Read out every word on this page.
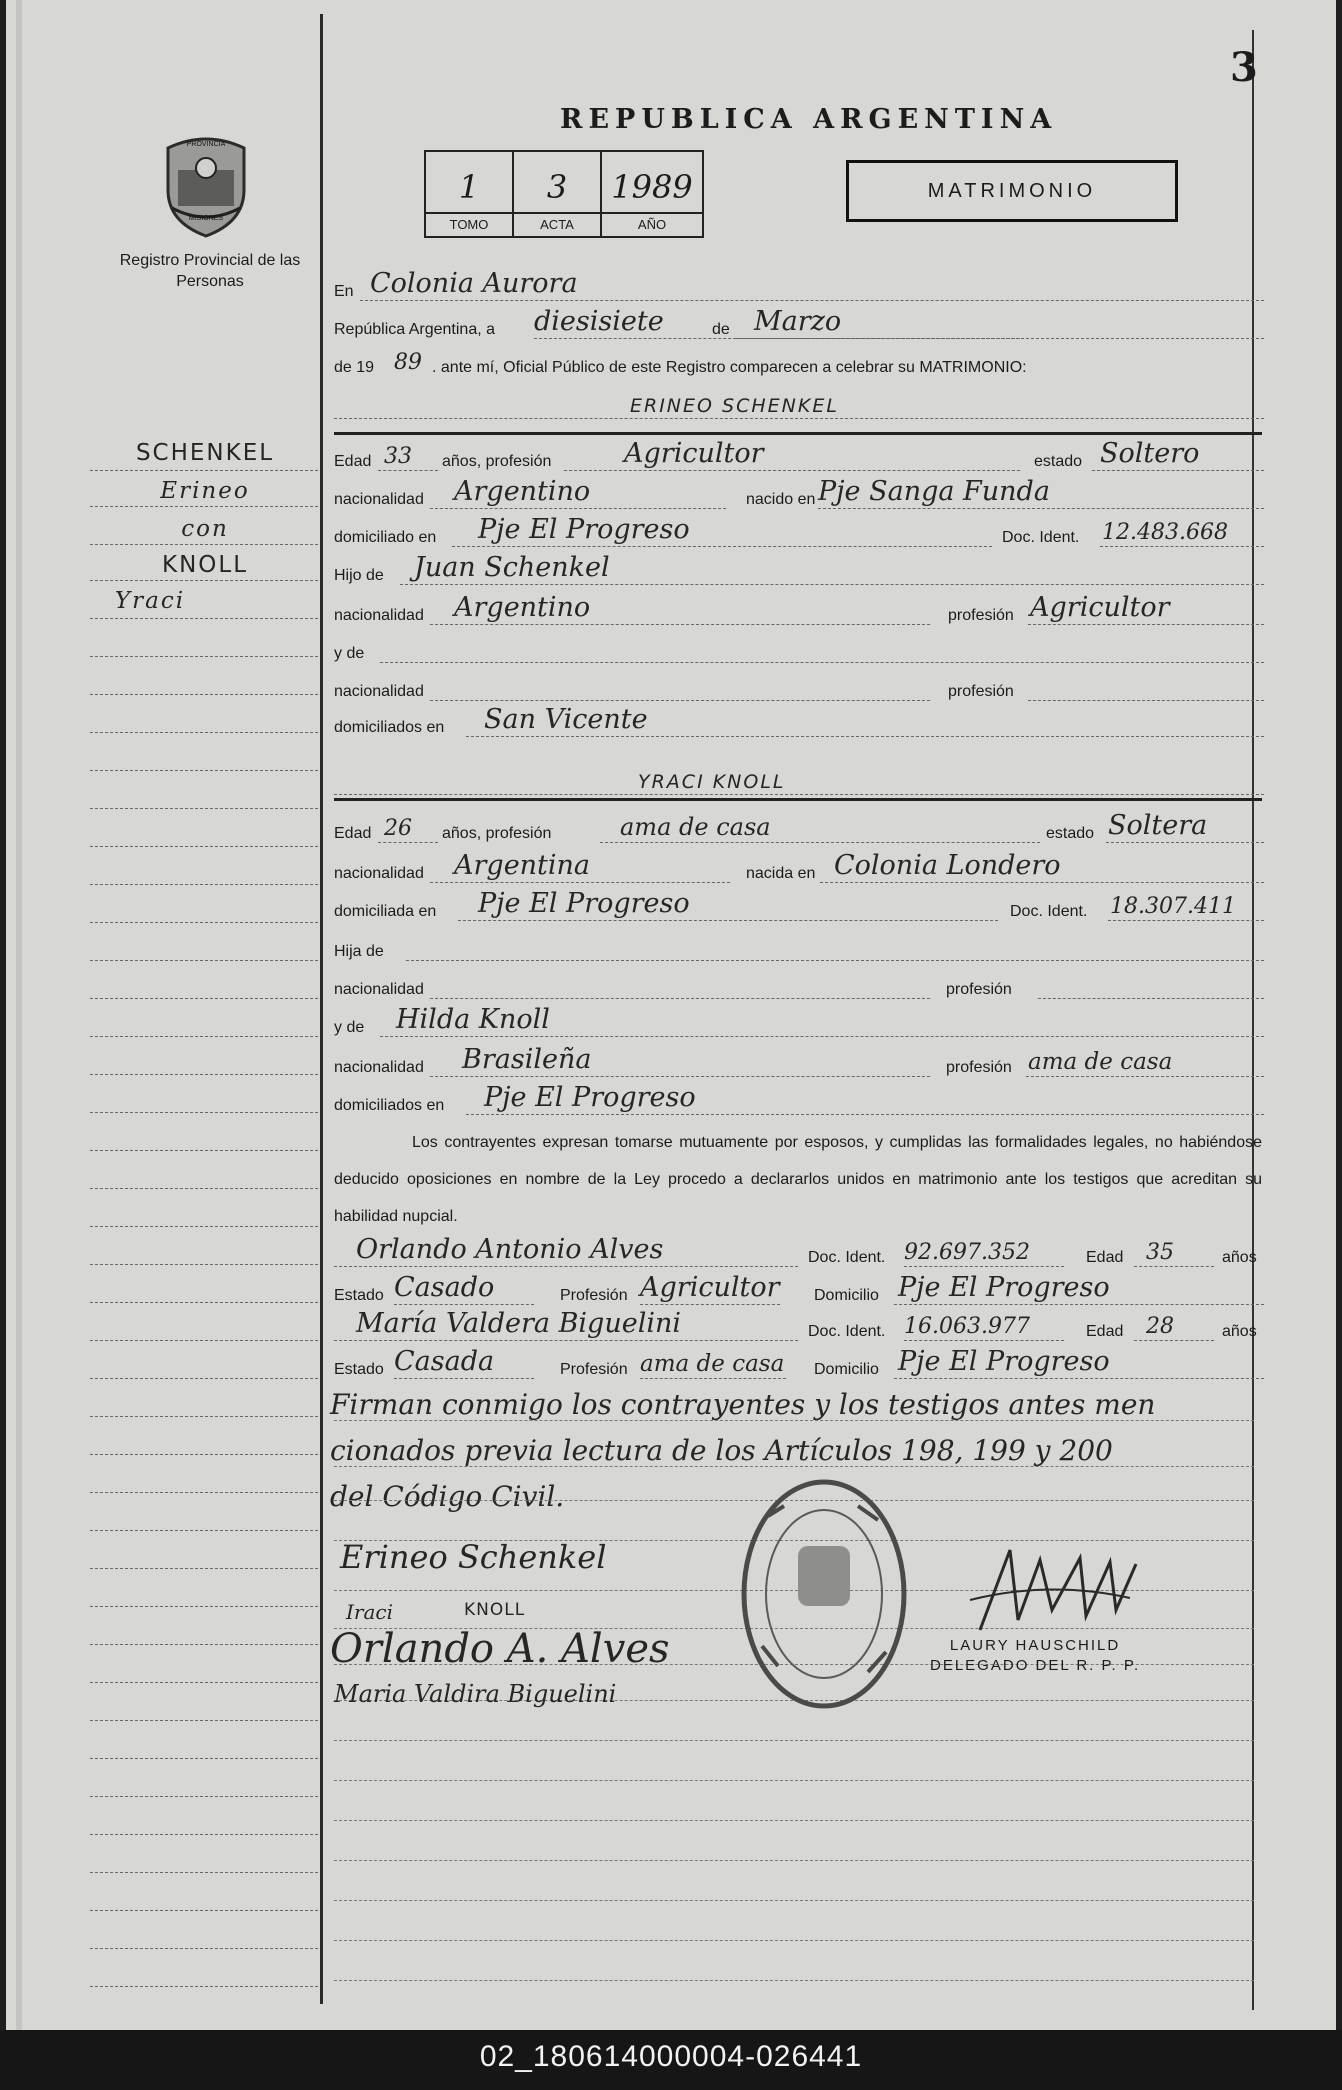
3
REPUBLICA ARGENTINA
PROVINCIA
MISIONES
Registro Provincial de las Personas
1
TOMO
3
ACTA
1989
AÑO
MATRIMONIO
En Colonia Aurora
República Argentina, a diesisiete	de Marzo
de 19 89 . ante mí, Oficial Público de este Registro comparecen a celebrar su MATRIMONIO:
ERINEO SCHENKEL
Edad 33 años, profesión	Agricultor	estado Soltero
nacionalidad Argentino	nacido en Pje Sanga Funda
domiciliado en Pje El Progreso	Doc. Ident. 12.483.668
Hijo de Juan Schenkel
nacionalidad Argentino	profesión Agricultor
y de
nacionalidad	profesión
domiciliados en San Vicente
YRACI KNOLL
Edad 26 años, profesión	ama de casa	estado Soltera
nacionalidad Argentina	nacida en Colonia Londero
domiciliada en Pje El Progreso	Doc. Ident. 18.307.411
Hija de
nacionalidad	profesión
y de Hilda Knoll
nacionalidad Brasileña	profesión ama de casa
domiciliados en Pje El Progreso
Los contrayentes expresan tomarse mutuamente por esposos, y cumplidas las formalidades legales, no habiéndose deducido oposiciones en nombre de la Ley procedo a declararlos unidos en matrimonio ante los testigos que acreditan su habilidad nupcial.
Orlando Antonio Alves	Doc. Ident. 92.697.352	Edad 35	años
Estado Casado	Profesión Agricultor Domicilio Pje El Progreso
María Valdera Biguelini	Doc. Ident. 16.063.977	Edad 28	años
Estado Casada	Profesión ama de casa Domicilio Pje El Progreso
Firman conmigo los contrayentes y los testigos antes men
cionados previa lectura de los Artículos 198, 199 y 200
del Código Civil.
Erineo Schenkel
Iraci	KNOLL
Orlando A. Alves
Maria Valdira Biguelini
LAURY HAUSCHILD
DELEGADO DEL R. P. P.
SCHENKEL
Erineo
con
KNOLL
Yraci
02_180614000004-026441
